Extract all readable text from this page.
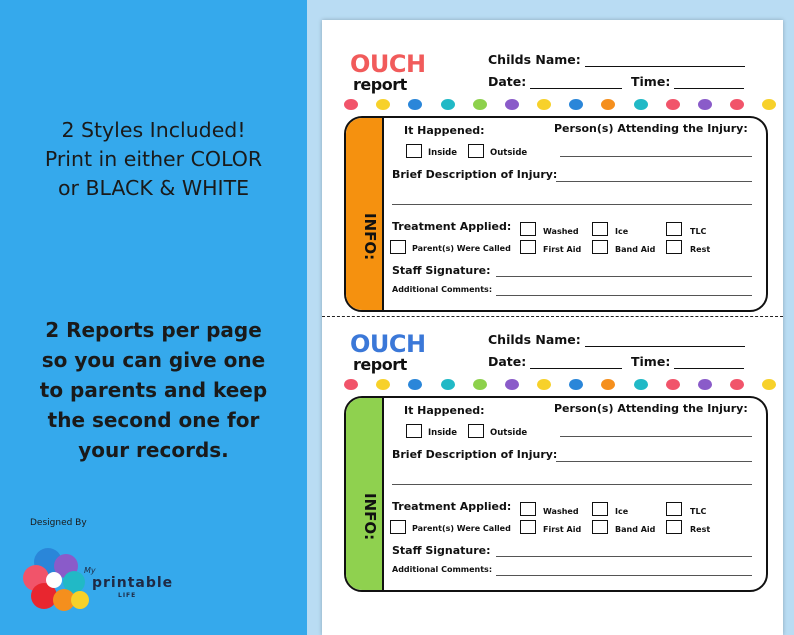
2 Styles Included!
Print in either COLOR
or BLACK & WHITE
2 Reports per page
so you can give one
to parents and keep
the second one for
your records.
Designed By
My
printable
LIFE
OUCH
report
Childs Name:
Date:	Time:
INFO:
It Happened:	Person(s) Attending the Injury:
Inside	Outside
Brief Description of Injury:
Treatment Applied:	Washed	Ice	TLC
Parent(s) Were Called	First Aid	Band Aid	Rest
Staff Signature:
Additional Comments:
OUCH
report
Childs Name:
Date:	Time:
INFO:
It Happened:	Person(s) Attending the Injury:
Inside	Outside
Brief Description of Injury:
Treatment Applied:	Washed	Ice	TLC
Parent(s) Were Called	First Aid	Band Aid	Rest
Staff Signature:
Additional Comments:
